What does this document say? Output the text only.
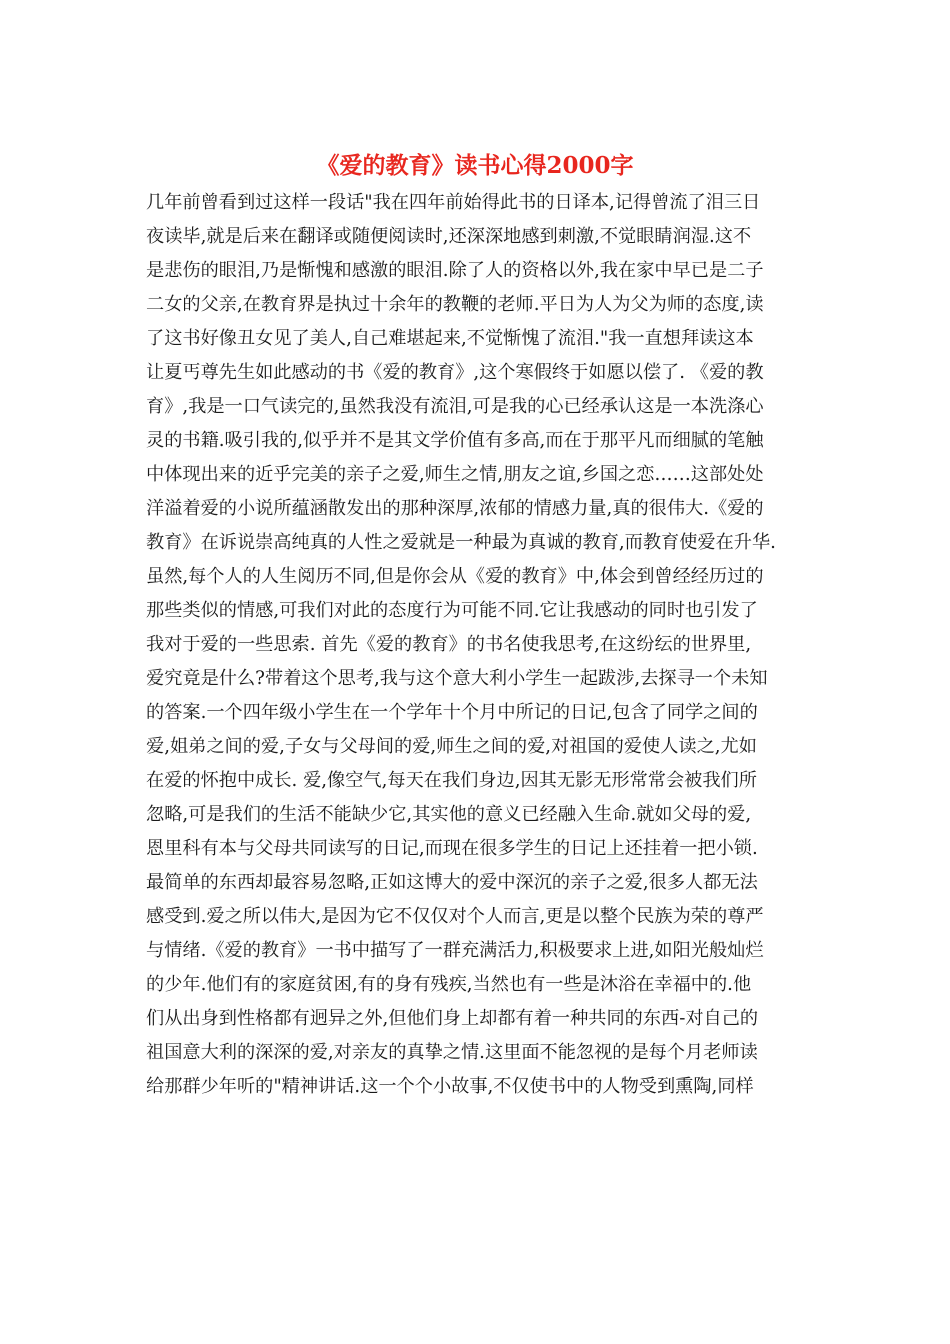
《爱的教育》读书心得2000字
几年前曾看到过这样一段话"我在四年前始得此书的日译本,记得曾流了泪三日
夜读毕,就是后来在翻译或随便阅读时,还深深地感到刺激,不觉眼睛润湿.这不
是悲伤的眼泪,乃是惭愧和感激的眼泪.除了人的资格以外,我在家中早已是二子
二女的父亲,在教育界是执过十余年的教鞭的老师.平日为人为父为师的态度,读
了这书好像丑女见了美人,自己难堪起来,不觉惭愧了流泪."我一直想拜读这本
让夏丐尊先生如此感动的书《爱的教育》,这个寒假终于如愿以偿了. 《爱的教
育》,我是一口气读完的,虽然我没有流泪,可是我的心已经承认这是一本洗涤心
灵的书籍.吸引我的,似乎并不是其文学价值有多高,而在于那平凡而细腻的笔触
中体现出来的近乎完美的亲子之爱,师生之情,朋友之谊,乡国之恋……这部处处
洋溢着爱的小说所蕴涵散发出的那种深厚,浓郁的情感力量,真的很伟大.《爱的
教育》在诉说崇高纯真的人性之爱就是一种最为真诚的教育,而教育使爱在升华.
虽然,每个人的人生阅历不同,但是你会从《爱的教育》中,体会到曾经经历过的
那些类似的情感,可我们对此的态度行为可能不同.它让我感动的同时也引发了
我对于爱的一些思索. 首先《爱的教育》的书名使我思考,在这纷纭的世界里,
爱究竟是什么?带着这个思考,我与这个意大利小学生一起跋涉,去探寻一个未知
的答案.一个四年级小学生在一个学年十个月中所记的日记,包含了同学之间的
爱,姐弟之间的爱,子女与父母间的爱,师生之间的爱,对祖国的爱使人读之,尤如
在爱的怀抱中成长. 爱,像空气,每天在我们身边,因其无影无形常常会被我们所
忽略,可是我们的生活不能缺少它,其实他的意义已经融入生命.就如父母的爱,
恩里科有本与父母共同读写的日记,而现在很多学生的日记上还挂着一把小锁.
最简单的东西却最容易忽略,正如这博大的爱中深沉的亲子之爱,很多人都无法
感受到.爱之所以伟大,是因为它不仅仅对个人而言,更是以整个民族为荣的尊严
与情绪.《爱的教育》一书中描写了一群充满活力,积极要求上进,如阳光般灿烂
的少年.他们有的家庭贫困,有的身有残疾,当然也有一些是沐浴在幸福中的.他
们从出身到性格都有迥异之外,但他们身上却都有着一种共同的东西-对自己的
祖国意大利的深深的爱,对亲友的真挚之情.这里面不能忽视的是每个月老师读
给那群少年听的"精神讲话.这一个个小故事,不仅使书中的人物受到熏陶,同样
